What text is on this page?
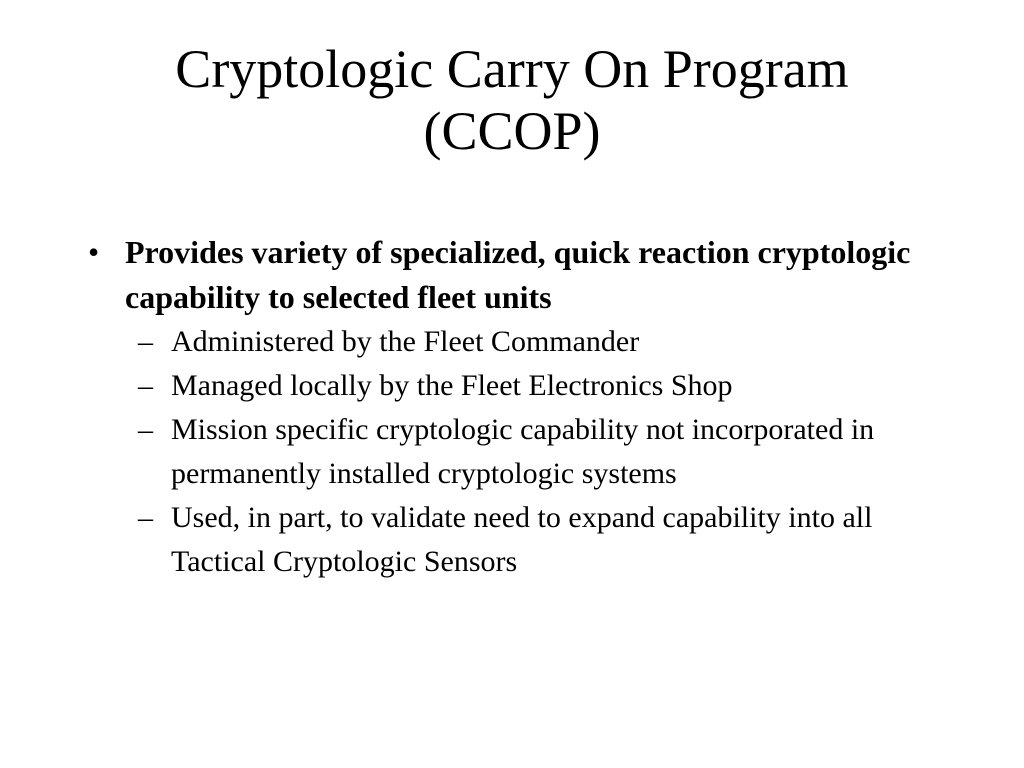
Cryptologic Carry On Program
(CCOP)
• Provides variety of specialized, quick reaction cryptologic capability to selected fleet units
– Administered by the Fleet Commander
– Managed locally by the Fleet Electronics Shop
– Mission specific cryptologic capability not incorporated in permanently installed cryptologic systems
– Used, in part, to validate need to expand capability into all Tactical Cryptologic Sensors
